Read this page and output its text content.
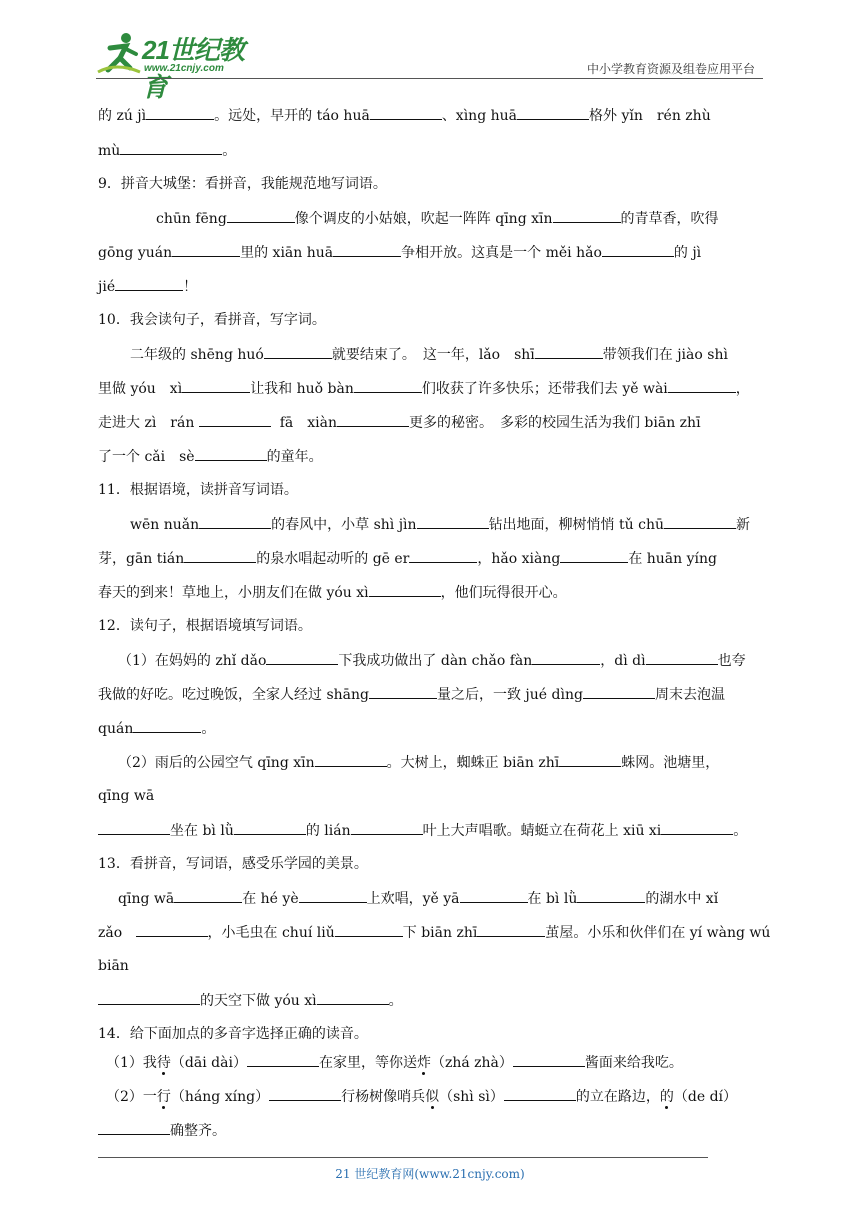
21世纪教育
www.21cnjy.com	中小学教育资源及组卷应用平台
的 zú jì	。远处，早开的 táo huā	、xìng huā	格外 yǐn　rén zhù
mù	。
9．拼音大城堡：看拼音，我能规范地写词语。
chūn fēng	像个调皮的小姑娘，吹起一阵阵 qīng xīn	的青草香，吹得
gōng yuán	里的 xiān huā	争相开放。这真是一个 měi hǎo	的 jì
jié	！
10．我会读句子，看拼音，写字词。
二年级的 shēng huó	就要结束了。　这一年，lǎo　shī	带领我们在 jiào shì
里做 yóu　xì	让我和 huǒ bàn	们收获了许多快乐；还带我们去 yě wài	，
走进大 zì　rán	fā　xiàn	更多的秘密。　多彩的校园生活为我们 biān zhī
了一个 cǎi　sè	的童年。
11．根据语境，读拼音写词语。
wēn nuǎn	的春风中，小草 shì jìn	钻出地面，柳树悄悄 tǔ chū	新
芽，gān tián	的泉水唱起动听的 gē er	，hǎo xiàng	在 huān yíng
春天的到来！草地上，小朋友们在做 yóu xì	，他们玩得很开心。
12．读句子，根据语境填写词语。
（1）在妈妈的 zhǐ dǎo	下我成功做出了 dàn chǎo fàn	，dì dì	也夸
我做的好吃。吃过晚饭，全家人经过 shāng	量之后，一致 jué dìng	周末去泡温
quán	。
（2）雨后的公园空气 qīng xīn	。大树上，蜘蛛正 biān zhī	蛛网。池塘里，
qīng wā
坐在 bì lǜ	的 lián	叶上大声唱歌。蜻蜓立在荷花上 xiū xi	。
13．看拼音，写词语，感受乐学园的美景。
qīng wā	在 hé yè	上欢唱，yě yā	在 bì lǜ	的湖水中 xǐ
zǎo	，小毛虫在 chuí liǔ	下 biān zhī	茧屋。小乐和伙伴们在 yí wàng wú
biān
的天空下做 yóu xì	。
14．给下面加点的多音字选择正确的读音。
（1）我待（dāi dài）	在家里，等你送炸（zhá zhà）	酱面来给我吃。
（2）一行（háng xíng）	行杨树像哨兵似（shì sì）	的立在路边，的（de dí）
确整齐。
21 世纪教育网(www.21cnjy.com)
